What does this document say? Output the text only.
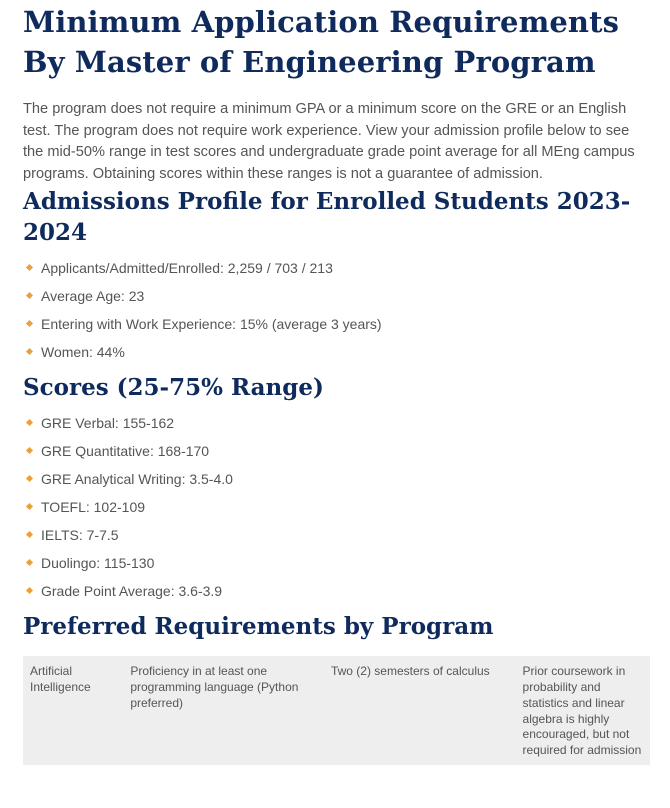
Minimum Application Requirements By Master of Engineering Program

The program does not require a minimum GPA or a minimum score on the GRE or an English test. The program does not require work experience. View your admission profile below to see the mid-50% range in test scores and undergraduate grade point average for all MEng campus programs. Obtaining scores within these ranges is not a guarantee of admission.

Admissions Profile for Enrolled Students 2023-2024
Applicants/Admitted/Enrolled: 2,259 / 703 / 213
Average Age: 23
Entering with Work Experience: 15% (average 3 years)
Women: 44%
Scores (25-75% Range)
GRE Verbal: 155-162
GRE Quantitative: 168-170
GRE Analytical Writing: 3.5-4.0
TOEFL: 102-109
IELTS: 7-7.5
Duolingo: 115-130
Grade Point Average: 3.6-3.9
Preferred Requirements by Program
Artificial Intelligence	Proficiency in at least one programming language (Python preferred)	Two (2) semesters of calculus	Prior coursework in probability and statistics and linear algebra is highly encouraged, but not required for admission
